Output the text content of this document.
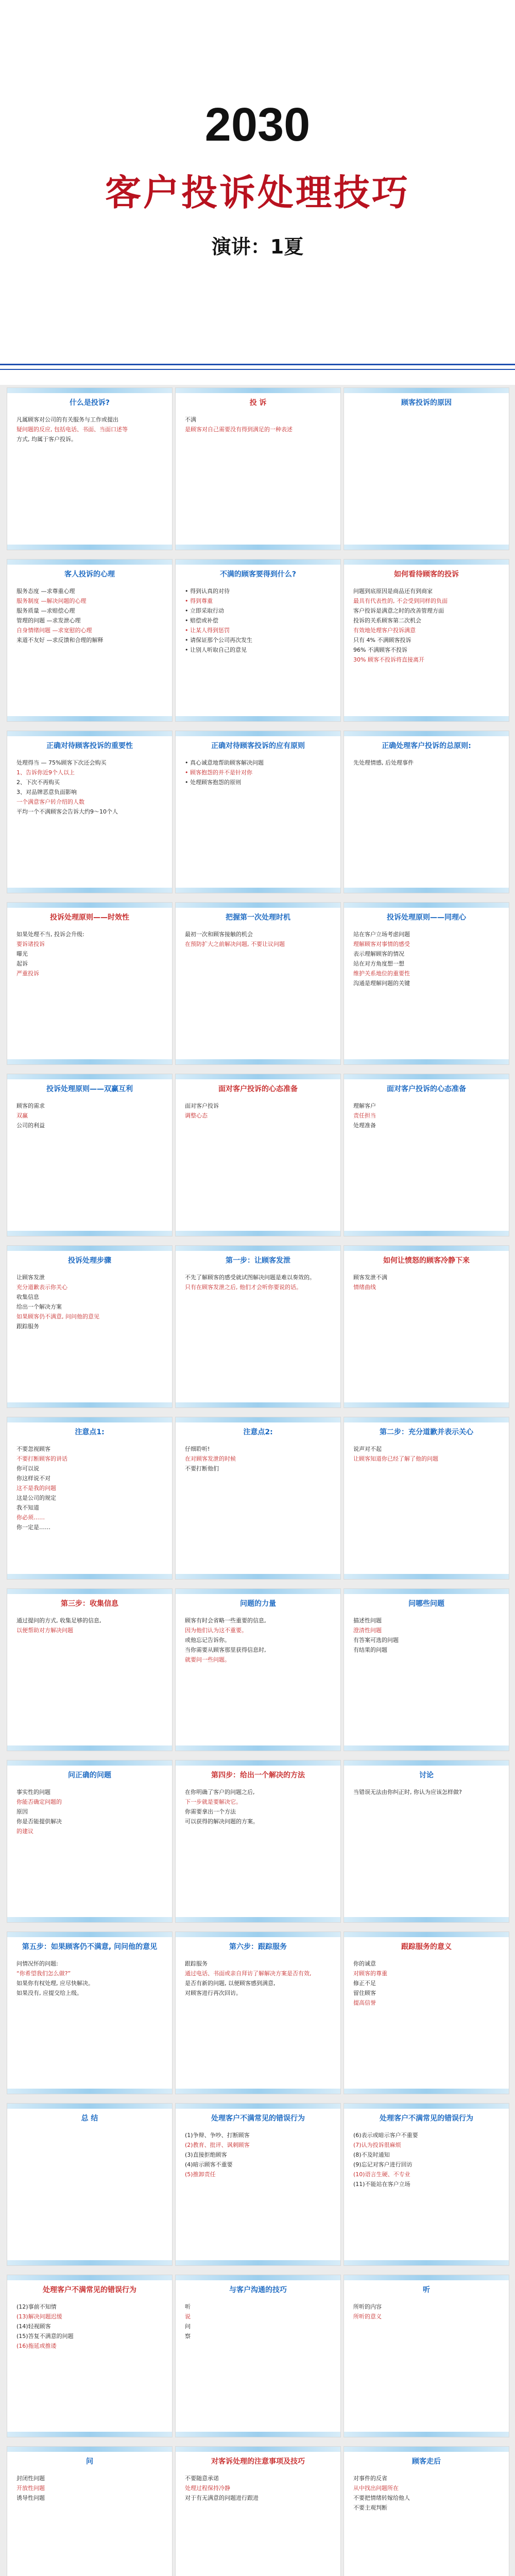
2030
客户投诉处理技巧
演讲：1夏
什么是投诉?
凡属顾客对公司的有关服务与工作或提出
疑问题的反应, 包括电话、书面、当面口述等
方式, 均属于客户投诉。
投 诉
不满
是顾客对自己需要没有得到满足的一种表述
顾客投诉的原因
客人投诉的心理
服务态度 —求尊重心理
服务制度 —解决问题的心理
服务质量 —求赔偿心理
管理的问题 —求发泄心理
自身情绪问题 —求宽慰的心理
来道不友好 —求反馈和合理的解释
不满的顾客要得到什么?
• 得到认真的对待
• 得到尊重
• 立即采取行动
• 赔偿或补偿
• 让某人得到惩罚
• 请保证那个公司再次发生
• 让别人听取自己的意见
如何看待顾客的投诉
问题到底原因是商品还有到商家
最具有代表性的, 不会受到同样的负面
客户投诉是满意之时的改善管理方面
投诉的关系顾客第二次机会
有效地处理客户投诉满意
只有 4% 不满顾客投诉
96% 不满顾客不投诉
30% 顾客不投诉将直接离开
正确对待顾客投诉的重要性
处理得当 — 75%顾客下次还会购买
1、告诉你近9个人以上
2、下次不再购买
3、对品牌恶意负面影响
一个满意客户转介绍的人数
平均一个不满顾客会告诉大约9～10个人
正确对待顾客投诉的应有原则
• 真心诚意地帮助顾客解决问题
• 顾客抱怨的并不是针对你
• 处理顾客抱怨的原则
正确处理客户投诉的总原则:
先处理情感, 后处理事件
投诉处理原则——时效性
如果处理不当, 投诉会升级:
要诉诸投诉
曝光
起诉
严重投诉
把握第一次处理时机
最初一次和顾客接触的机会
在预防扩大之前解决问题, 不要让议问题
投诉处理原则——同理心
站在客户立场考虑问题
理解顾客对事情的感受
表示理解顾客的情况
站在对方角度想一想
维护关系地位的重要性
沟通是理解问题的关键
投诉处理原则——双赢互利
顾客的需求
双赢
公司的利益
面对客户投诉的心态准备
面对客户投诉
调整心态
面对客户投诉的心态准备
理解客户
责任担当
处理准备
投诉处理步骤
让顾客发泄
充分道歉表示你关心
收集信息
给出一个解决方案
如果顾客仍不满意, 问问他的意见
跟踪服务
第一步：让顾客发泄
不先了解顾客的感受就试图解决问题是难以奏效的。
只有在顾客发泄之后, 他们才会听你要说的话。
如何让愤怒的顾客冷静下来
顾客发泄不满
情绪曲线
注意点1:
不要忽视顾客
不要打断顾客的讲话
你可以说
你这样说不对
这不是我的问题
这是公司的规定
我不知道
你必须……
你一定是……
注意点2:
仔细聆听!
在对顾客发泄的时候
不要打断他们
第二步：充分道歉并表示关心
说声对不起
让顾客知道你已经了解了他的问题
第三步：收集信息
通过提问的方式, 收集足够的信息,
以便帮助对方解决问题
问题的力量
顾客有时会省略一些重要的信息,
因为他们认为这不重要。
或他忘记告诉你。
当你需要从顾客那里获得信息时,
就要问一些问题。
问哪些问题
描述性问题
澄清性问题
有答案可选的问题
有结果的问题
问正确的问题
事实性的问题
你能否确定问题的
原因
你是否能提供解决
的建议
第四步：给出一个解决的方法
在你明确了客户的问题之后,
下一步就是要解决它。
你需要拿出一个方法
可以获得的解决问题的方案。
讨论
当错误无法由你纠正时, 你认为应该怎样做?
第五步：如果顾客仍不满意, 问问他的意见
问情况怀的问题:
“你希望我们怎么做?”
如果你有权处理, 应尽快解决。
如果没有, 应提交给上级。
第六步：跟踪服务
跟踪服务
通过电话、书面或亲自拜访了解解决方案是否有效,
是否有新的问题, 以便顾客感到满意,
对顾客进行再次回访。
跟踪服务的意义
你的诚意
对顾客的尊重
修正不足
留住顾客
提高信誉
总 结	处理客户不满常见的错误行为
(1)争辩、争吵、打断顾客
(2)教育、批评、讽刺顾客
(3)直接拒绝顾客
(4)暗示顾客不重要
(5)推卸责任
处理客户不满常见的错误行为
(6)表示或暗示客户不重要
(7)认为投诉很麻烦
(8)不及时通知
(9)忘记对客户进行回访
(10)语言生硬、不专业
(11)不能站在客户立场
处理客户不满常见的错误行为
(12)事前不知情
(13)解决问题迟缓
(14)轻视顾客
(15)答复不满意的问题
(16)拖延或推诿
与客户沟通的技巧
听
说
问
察
听
所听的内容
所听的意义
问
封闭性问题
开放性问题
诱导性问题
对客诉处理的注意事项及技巧
不要随意承诺
处理过程保持冷静
对于有无满意的问题进行跟进
顾客走后
对事件的反省
从中找出问题所在
不要把情绪转嫁给他人
不要主观判断
